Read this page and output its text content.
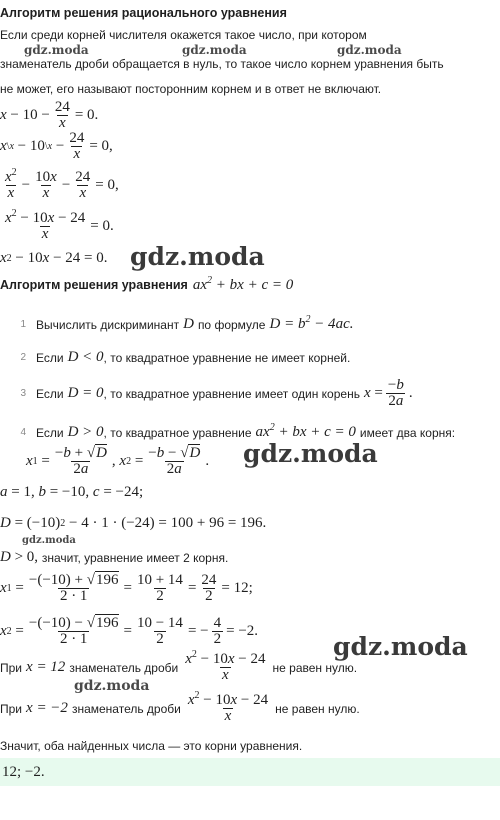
Алгоритм решения рационального уравнения
Если среди корней числителя окажется такое число, при котором
знаменатель дроби обращается в нуль, то такое число корнем уравнения быть
не может, его называют посторонним корнем и в ответ не включают.
$x - 10 - \frac{24}{x} = 0$.
x \x − 10 \x − $\frac{24}{x} = 0$,
$\frac{x^2}{x} - \frac{10x}{x} - \frac{24}{x} = 0$,
$\frac{x^2 - 10x - 24}{x} = 0$.
x 2 − 10 x − 24 = 0.
Алгоритм решения уравнения $ax^2$ + bx + c = 0
1 Вычислить дискриминант D по формуле $D = b^2 - 4ac$.
2 Если D < 0 , то квадратное уравнение не имеет корней.
3 Если D = 0 , то квадратное уравнение имеет один корень $x = \frac{-b}{2a}$ .
4 Если D > 0 , то квадратное уравнение $ax^2$ + bx + c = 0 имеет два корня:
x $1 = \frac{-b + √D}{2a}$ , x $2 = \frac{-b - √D}{2a}$ .
a = 1, b = −10, c = −24;
D = (−10) 2 − 4 · 1 · (−24) = 100 + 96 = 196.
D > 0, значит, уравнение имеет 2 корня.
x $1 = \frac{-(-10) + √196}{2 \cdot 1} = \frac{10 + 14}{2} = \frac{24}{2} = 12$;
x $2 = \frac{-(-10) - √196}{2 \cdot 1} = \frac{10 - 14}{2}$ = − $\frac{4}{2} = -2$.
При x = 12 знаменатель дроби $\frac{x^2 - 10x - 24}{x}$ не равен нулю.
При x = −2 знаменатель дроби $\frac{x^2 - 10x - 24}{x}$ не равен нулю.
Значит, оба найденных числа — это корни уравнения.
12; −2.
gdz.moda	gdz.moda	gdz.moda
gdz.moda
gdz.moda
gdz.moda
gdz.moda
gdz.moda
